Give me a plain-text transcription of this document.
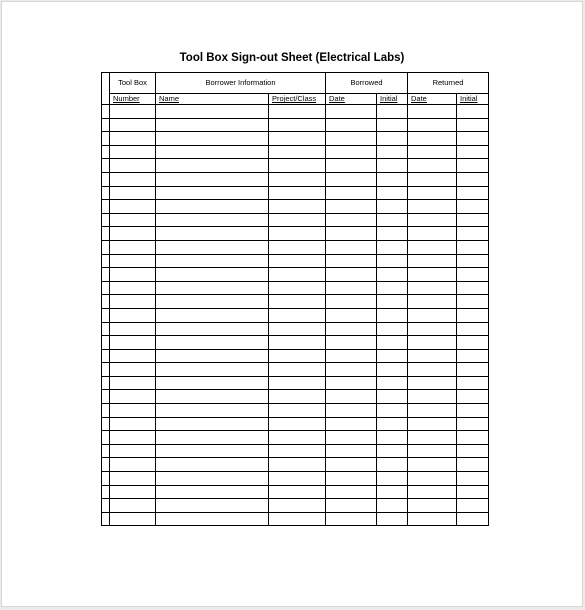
Tool Box Sign-out Sheet (Electrical Labs)
	Tool Box	Borrower Information		Borrowed		Returned	
	Number	Name	Project/Class	Date	Initial	Date	Initial
